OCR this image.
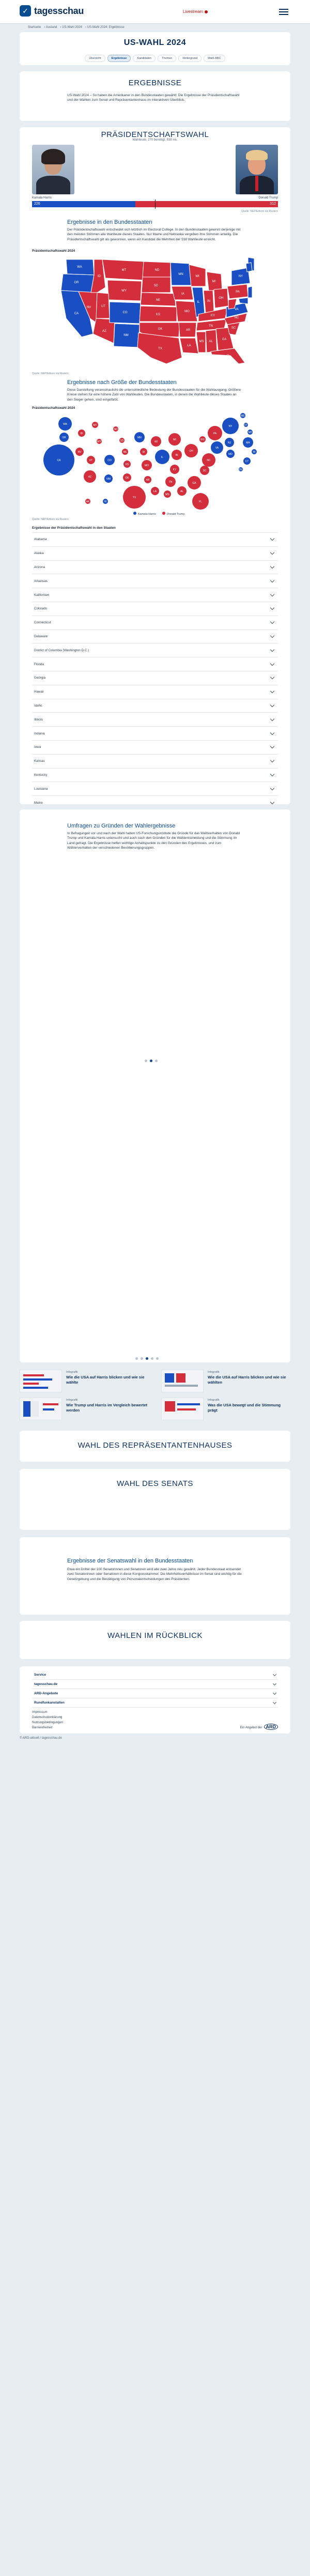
✓ tagesschau	Livestream
Startseite › Ausland › US-Wahl 2024 › US-Wahl 2024: Ergebnisse
US-WAHL 2024
Übersicht	Ergebnisse	Kandidaten	Themen	Hintergrund	Wahl-ABC
ERGEBNISSE
US-Wahl 2024 – So haben die Amerikaner in den Bundesstaaten gewählt: Die Ergebnisse der Präsidentschaftswahl und der Wahlen zum Senat und Repräsentantenhaus im interaktiven Überblick.
PRÄSIDENTSCHAFTSWAHL
Wahlleute, 270 benötigt, 538 ins.
Kamala Harris	Donald Trump
226	312
Quelle: NEP/Edison via Reuters
Ergebnisse in den Bundesstaaten
Der Präsidentschaftswahl entscheidet sich letztlich im Electoral College. In den Bundesstaaten gewinnt derjenige mit den meisten Stimmen alle Wahlleute dieses Staates. Nur Maine und Nebraska vergeben ihre Stimmen anteilig. Die Präsidentschaftswahl gilt als gewonnen, wenn ein Kandidat die Mehrheit der 538 Wahlleute erreicht.
Präsidentschaftswahl 2024
WA
OR
CA
NV
ID
MT
WY
UT
AZ
CO
NM
ND
SD
NE
KS
OK
TX
MN
IA
MO
AR
LA
WI
IL
MI
IN
OH
KY
TN
MS AL
GA
FL
SC
NC
VA
PA
NY
Quelle: NEP/Edison via Reuters
Ergebnisse nach Größe der Bundesstaaten
Diese Darstellung veranschaulicht die unterschiedliche Bedeutung der Bundesstaaten für die Wahlausgang: Größere Kreise stehen für eine höhere Zahl von Wahlleuten. Die Bundesstaaten, in denen die Wahlleute dieses Staates an den Sieger gehen, sind eingefärbt.
Präsidentschaftswahl 2024
WA
OR
CA
NV
ID
MT
WY
UT
AZ
CO
NM
ND
SD
NE
KS
OK
TX
MN
IA
MO
AR
LA
WI
IL
MI
IN
OH
KY
TN
MS
AL
GA
FL
SC
NC
VA
WV
PA
NY
NJ
MD
ME
VT
NH
MA
RI
CT
DE
AK	HI
Kamala Harris	Donald Trump
Quelle: NEP/Edison via Reuters
Ergebnisse der Präsidentschaftswahl in den Staaten
Alabama
Alaska
Arizona
Arkansas
Kalifornien
Colorado
Connecticut
Delaware
District of Columbia (Washington D.C.)
Florida
Georgia
Hawaii
Idaho
Illinois
Indiana
Iowa
Kansas
Kentucky
Louisiana
Maine
Umfragen zu Gründen der Wahlergebnisse
In Befragungen vor und nach der Wahl haben US-Forschungsinstitute die Gründe für das Wahlverhalten von Donald Trump und Kamala Harris untersucht und auch nach den Gründen für die Wahlentscheidung und die Stimmung im Land gefragt. Die Ergebnisse helfen wichtige Anhaltspunkte zu den Gründen des Ergebnisses, und zum Wählerverhalten der verschiedenen Bevölkerungsgruppen.
Infografik
Wie die USA auf Harris blicken und wie sie wählte
Infografik
Wie die USA auf Harris blicken und wie sie wählten
Infografik
Wie Trump und Harris im Vergleich bewertet werden
Infografik
Was die USA bewegt und die Stimmung prägt
WAHL DES REPRÄSENTANTENHAUSES
WAHL DES SENATS
Ergebnisse der Senatswahl in den Bundesstaaten
Etwa ein Drittel der 100 Senatorinnen und Senatoren wird alle zwei Jahre neu gewählt. Jeder Bundesstaat entsendet zwei Senatorinnen oder Senatoren in diese Kongresskammer. Die Mehrheitsverhältnisse im Senat sind wichtig für die Gesetzgebung und die Bestätigung von Personalentscheidungen des Präsidenten.
WAHLEN IM RÜCKBLICK
Service
tagesschau.de
ARD-Angebote
Rundfunkanstalten
Impressum
Datenschutzerklärung
Nutzungsbedingungen
Barrierefreiheit	Ein Angebot der ARD
© ARD-aktuell / tagesschau.de
